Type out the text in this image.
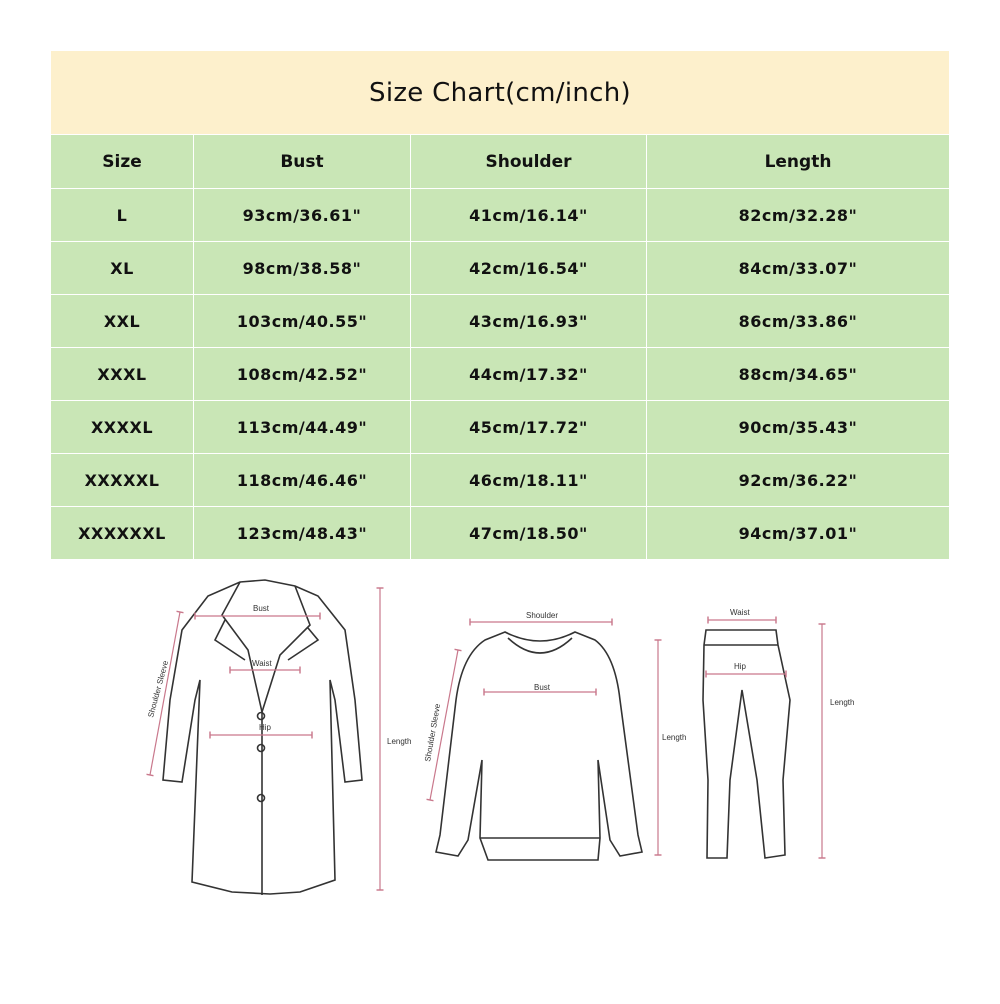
Size Chart(cm/inch)			
Size	Bust	Shoulder	Length
L	93cm/36.61"	41cm/16.14"	82cm/32.28"
XL	98cm/38.58"	42cm/16.54"	84cm/33.07"
XXL	103cm/40.55"	43cm/16.93"	86cm/33.86"
XXXL	108cm/42.52"	44cm/17.32"	88cm/34.65"
XXXXL	113cm/44.49"	45cm/17.72"	90cm/35.43"
XXXXXL	118cm/46.46"	46cm/18.11"	92cm/36.22"
XXXXXXL	123cm/48.43"	47cm/18.50"	94cm/37.01"
Bust
Waist
Hip
Shoulder Sleeve
Length
Shoulder
Bust
Shoulder Sleeve	Length
Waist
Hip
Length
